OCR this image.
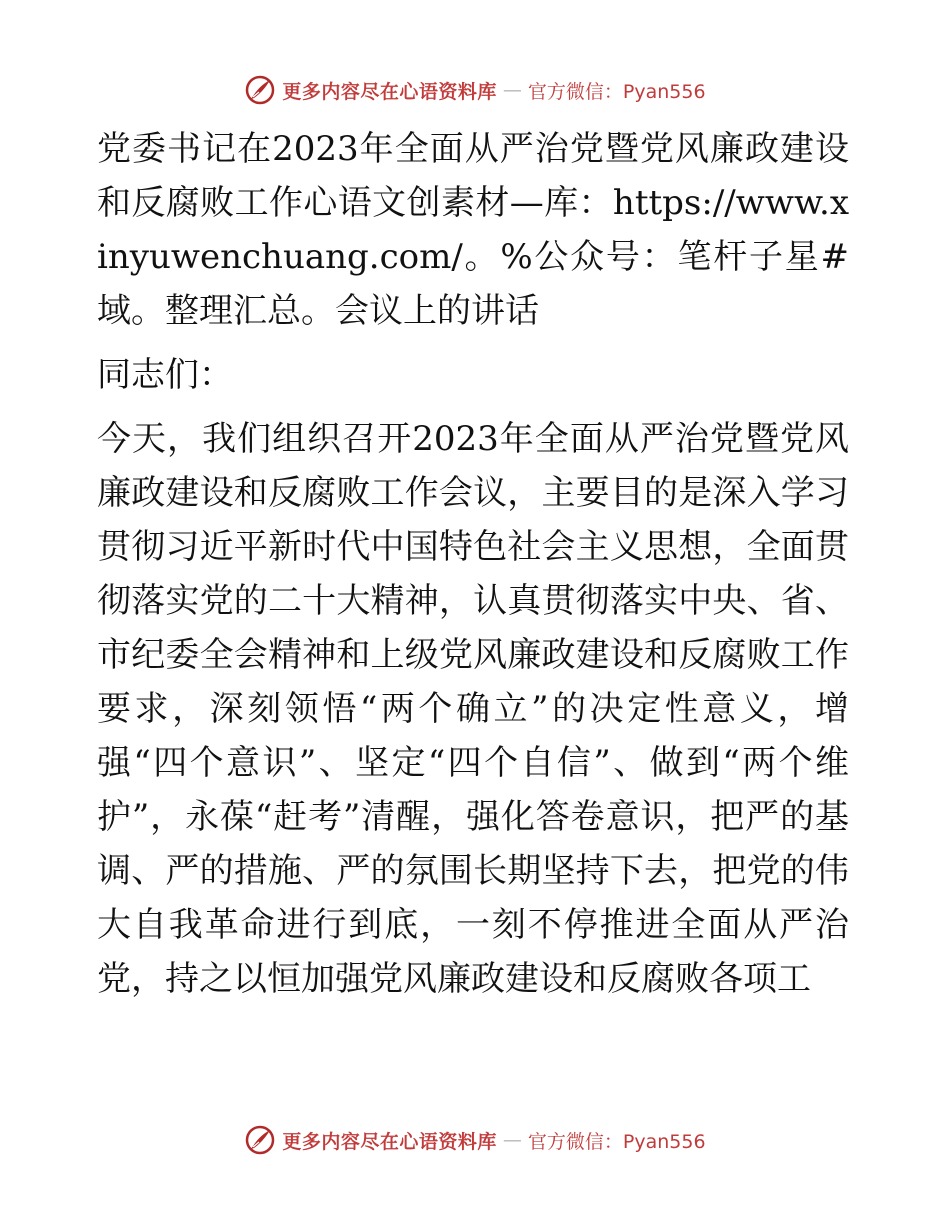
更多内容尽在心语资料库 — 官方微信：Pyan556

党委书记在2023年全面从严治党暨党风廉政建设和反腐败工作心语文创素材—库：https://www.xinyuwenchuang.com/。%公众号：笔杆子星#域。整理汇总。会议上的讲话

同志们：

今天，我们组织召开2023年全面从严治党暨党风廉政建设和反腐败工作会议，主要目的是深入学习贯彻习近平新时代中国特色社会主义思想，全面贯彻落实党的二十大精神，认真贯彻落实中央、省、市纪委全会精神和上级党风廉政建设和反腐败工作要求，深刻领悟“两个确立”的决定性意义，增强“四个意识”、坚定“四个自信”、做到“两个维护”，永葆“赶考”清醒，强化答卷意识，把严的基调、严的措施、严的氛围长期坚持下去，把党的伟大自我革命进行到底，一刻不停推进全面从严治党，持之以恒加强党风廉政建设和反腐败各项工

更多内容尽在心语资料库 — 官方微信：Pyan556
